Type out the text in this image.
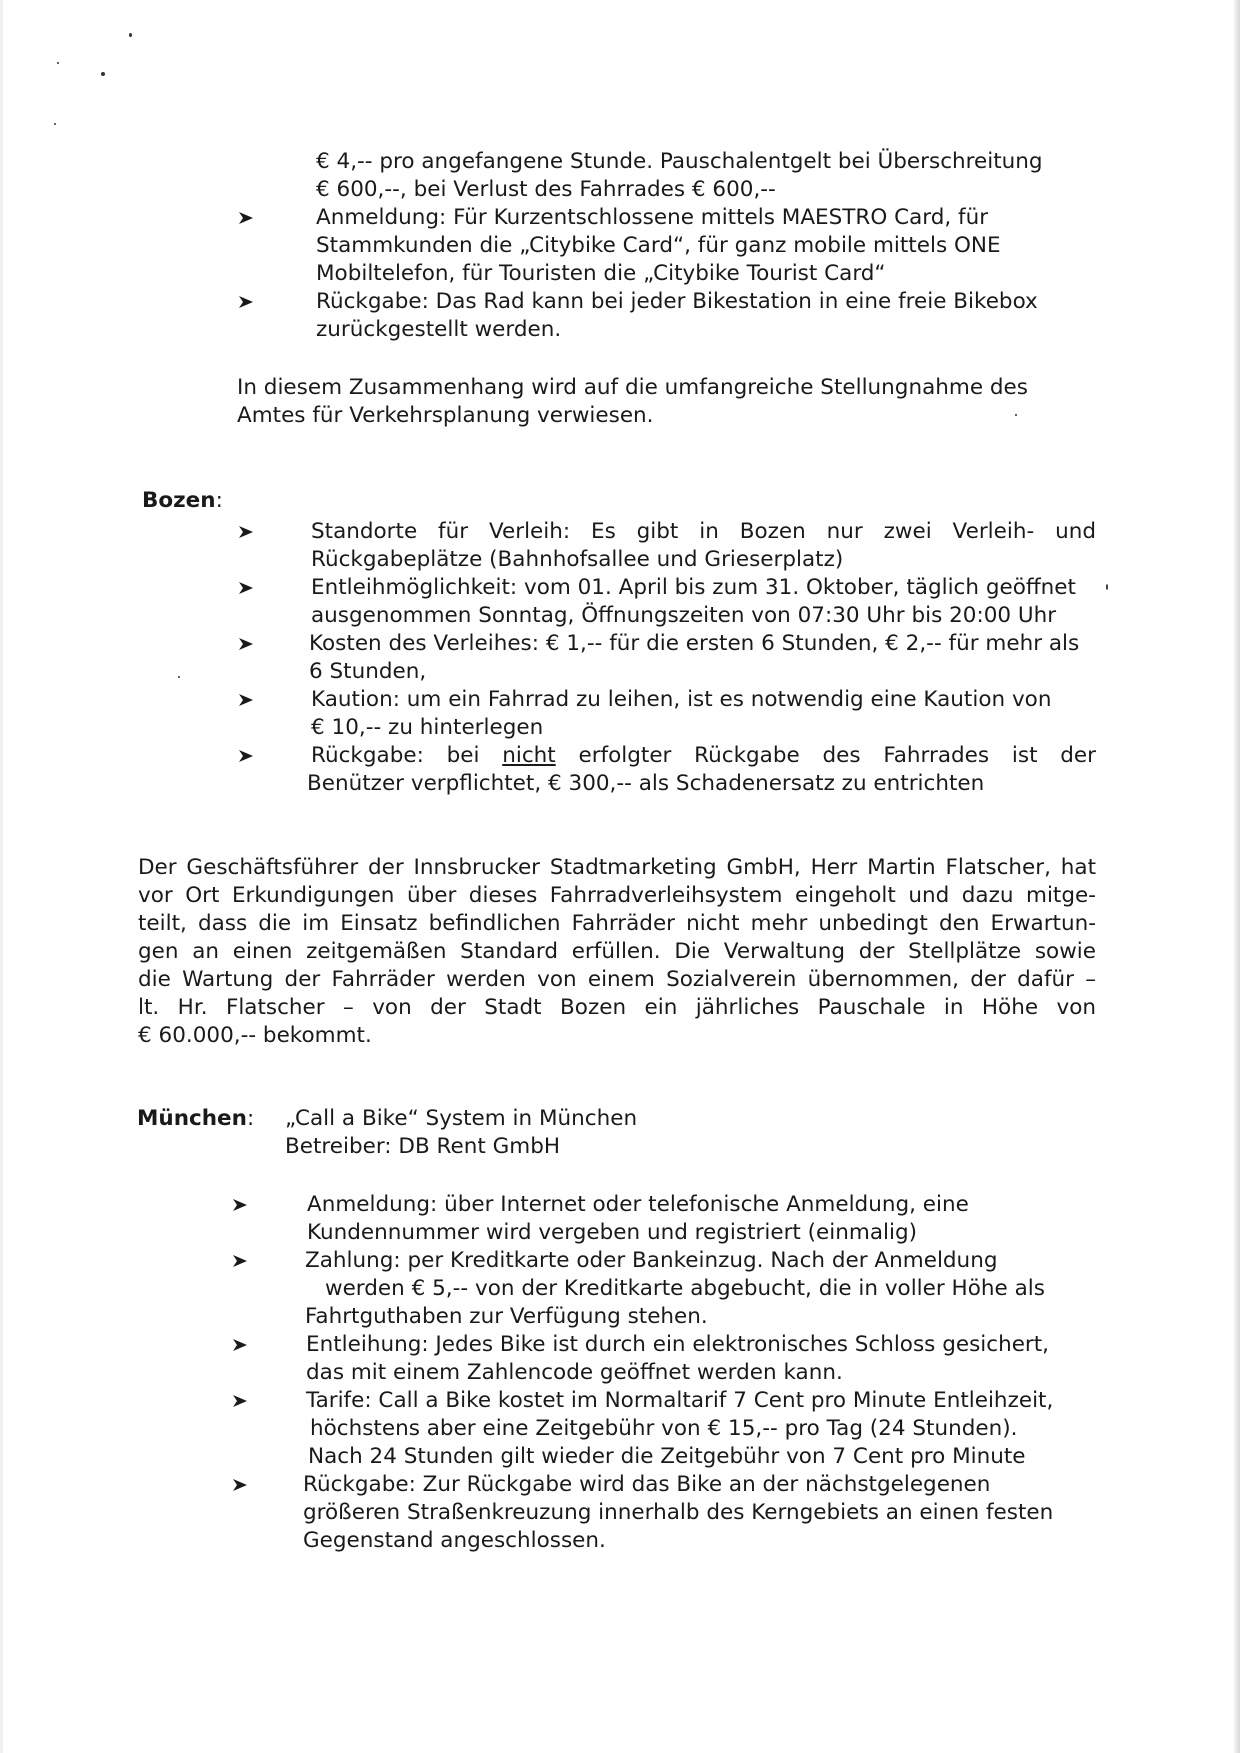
€ 4,-- pro angefangene Stunde. Pauschalentgelt bei Überschreitung
€ 600,--, bei Verlust des Fahrrades € 600,--
Anmeldung: Für Kurzentschlossene mittels MAESTRO Card, für
Stammkunden die „Citybike Card“, für ganz mobile mittels ONE
Mobiltelefon, für Touristen die „Citybike Tourist Card“
Rückgabe: Das Rad kann bei jeder Bikestation in eine freie Bikebox
zurückgestellt werden.
In diesem Zusammenhang wird auf die umfangreiche Stellungnahme des
Amtes für Verkehrsplanung verwiesen.
Bozen:

Standorte für Verleih: Es gibt in Bozen nur zwei Verleih- und

Rückgabeplätze (Bahnhofsallee und Grieserplatz)
Entleihmöglichkeit: vom 01. April bis zum 31. Oktober, täglich geöffnet
ausgenommen Sonntag, Öffnungszeiten von 07:30 Uhr bis 20:00 Uhr
Kosten des Verleihes: € 1,-- für die ersten 6 Stunden, € 2,-- für mehr als
6 Stunden,
Kaution: um ein Fahrrad zu leihen, ist es notwendig eine Kaution von
€ 10,-- zu hinterlegen

Rückgabe: bei nicht erfolgter Rückgabe des Fahrrades ist der

Benützer verpflichtet, € 300,-- als Schadenersatz zu entrichten

Der Geschäftsführer der Innsbrucker Stadtmarketing GmbH, Herr Martin Flatscher, hat

vor Ort Erkundigungen über dieses Fahrradverleihsystem eingeholt und dazu mitge-

teilt, dass die im Einsatz befindlichen Fahrräder nicht mehr unbedingt den Erwartun-

gen an einen zeitgemäßen Standard erfüllen. Die Verwaltung der Stellplätze sowie

die Wartung der Fahrräder werden von einem Sozialverein übernommen, der dafür –

lt. Hr. Flatscher – von der Stadt Bozen ein jährliches Pauschale in Höhe von

€ 60.000,-- bekommt.

München: „Call a Bike“ System in München
Betreiber: DB Rent GmbH
Anmeldung: über Internet oder telefonische Anmeldung, eine
Kundennummer wird vergeben und registriert (einmalig)
Zahlung: per Kreditkarte oder Bankeinzug. Nach der Anmeldung
werden € 5,-- von der Kreditkarte abgebucht, die in voller Höhe als
Fahrtguthaben zur Verfügung stehen.
Entleihung: Jedes Bike ist durch ein elektronisches Schloss gesichert,
das mit einem Zahlencode geöffnet werden kann.
Tarife: Call a Bike kostet im Normaltarif 7 Cent pro Minute Entleihzeit,
höchstens aber eine Zeitgebühr von € 15,-- pro Tag (24 Stunden).
Nach 24 Stunden gilt wieder die Zeitgebühr von 7 Cent pro Minute
Rückgabe: Zur Rückgabe wird das Bike an der nächstgelegenen
größeren Straßenkreuzung innerhalb des Kerngebiets an einen festen
Gegenstand angeschlossen.
